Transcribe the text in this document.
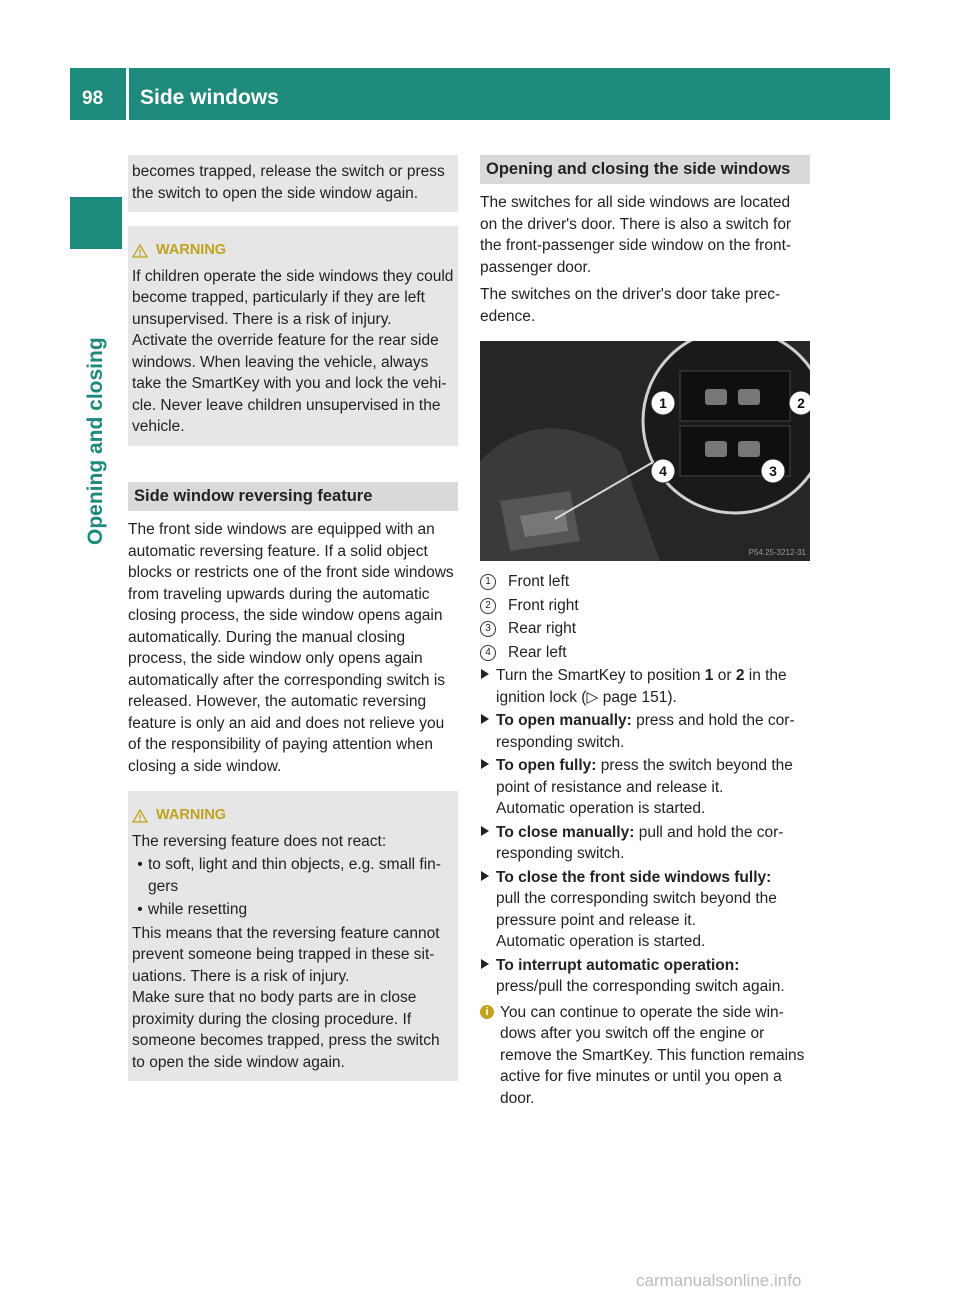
98 Side windows
Opening and closing

becomes trapped, release the switch or press

the switch to open the side window again.

WARNING

If children operate the side windows they could become trapped, particularly if they are left unsupervised. There is a risk of injury.

Activate the override feature for the rear side windows. When leaving the vehicle, always take the SmartKey with you and lock the vehicle. Never leave children unsupervised in the vehicle.

Side window reversing feature

The front side windows are equipped with an automatic reversing feature. If a solid object blocks or restricts one of the front side windows from traveling upwards during the automatic closing process, the side window opens again automatically. During the manual closing process, the side window only opens again automatically after the corresponding switch is released. However, the automatic reversing feature is only an aid and does not relieve you of the responsibility of paying attention when closing a side window.

WARNING

The reversing feature does not react:

• to soft, light and thin objects, e.g. small fingers
• while resetting

This means that the reversing feature cannot prevent someone being trapped in these situations. There is a risk of injury.

Make sure that no body parts are in close proximity during the closing procedure. If someone becomes trapped, press the switch to open the side window again.

Opening and closing the side windows

The switches for all side windows are located on the driver's door. There is also a switch for the front-passenger side window on the frontpassenger door.

The switches on the driver's door take precedence.

1	2
3
4
P54.25-3212-31
1	Front left
2	Front right
3	Rear right
4	Rear left
Turn the SmartKey to position 1 or 2 in the ignition lock (▷ page 151).
To open manually: press and hold the corresponding switch.
To open fully: press the switch beyond the point of resistance and release it.
Automatic operation is started.
To close manually: pull and hold the corresponding switch.
To close the front side windows fully:
pull the corresponding switch beyond the pressure point and release it.
Automatic operation is started.
To interrupt automatic operation:
press/pull the corresponding switch again.
i You can continue to operate the side windows after you switch off the engine or remove the SmartKey. This function remains active for five minutes or until you open a door.
carmanualsonline.info
